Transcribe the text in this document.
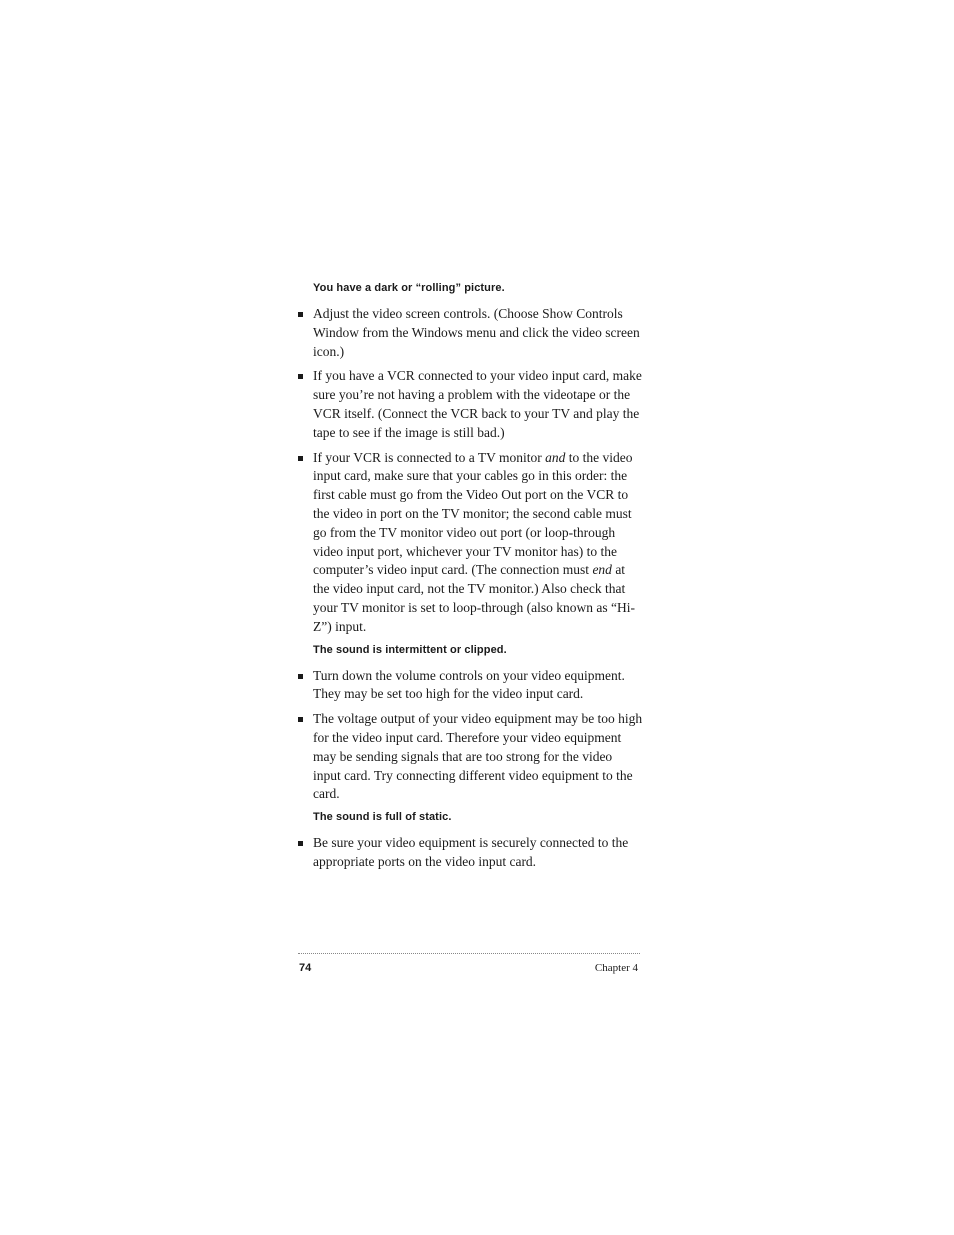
You have a dark or “rolling” picture.
Adjust the video screen controls. (Choose Show Controls Window from the Windows menu and click the video screen icon.)
If you have a VCR connected to your video input card, make sure you’re not having a problem with the videotape or the VCR itself. (Connect the VCR back to your TV and play the tape to see if the image is still bad.)
If your VCR is connected to a TV monitor and to the video input card, make sure that your cables go in this order: the first cable must go from the Video Out port on the VCR to the video in port on the TV monitor; the second cable must go from the TV monitor video out port (or loop-through video input port, whichever your TV monitor has) to the computer’s video input card. (The connection must end at the video input card, not the TV monitor.) Also check that your TV monitor is set to loop-through (also known as “Hi-Z”) input.
The sound is intermittent or clipped.
Turn down the volume controls on your video equipment. They may be set too high for the video input card.
The voltage output of your video equipment may be too high for the video input card. Therefore your video equipment may be sending signals that are too strong for the video input card. Try connecting different video equipment to the card.
The sound is full of static.
Be sure your video equipment is securely connected to the appropriate ports on the video input card.
74	Chapter 4
